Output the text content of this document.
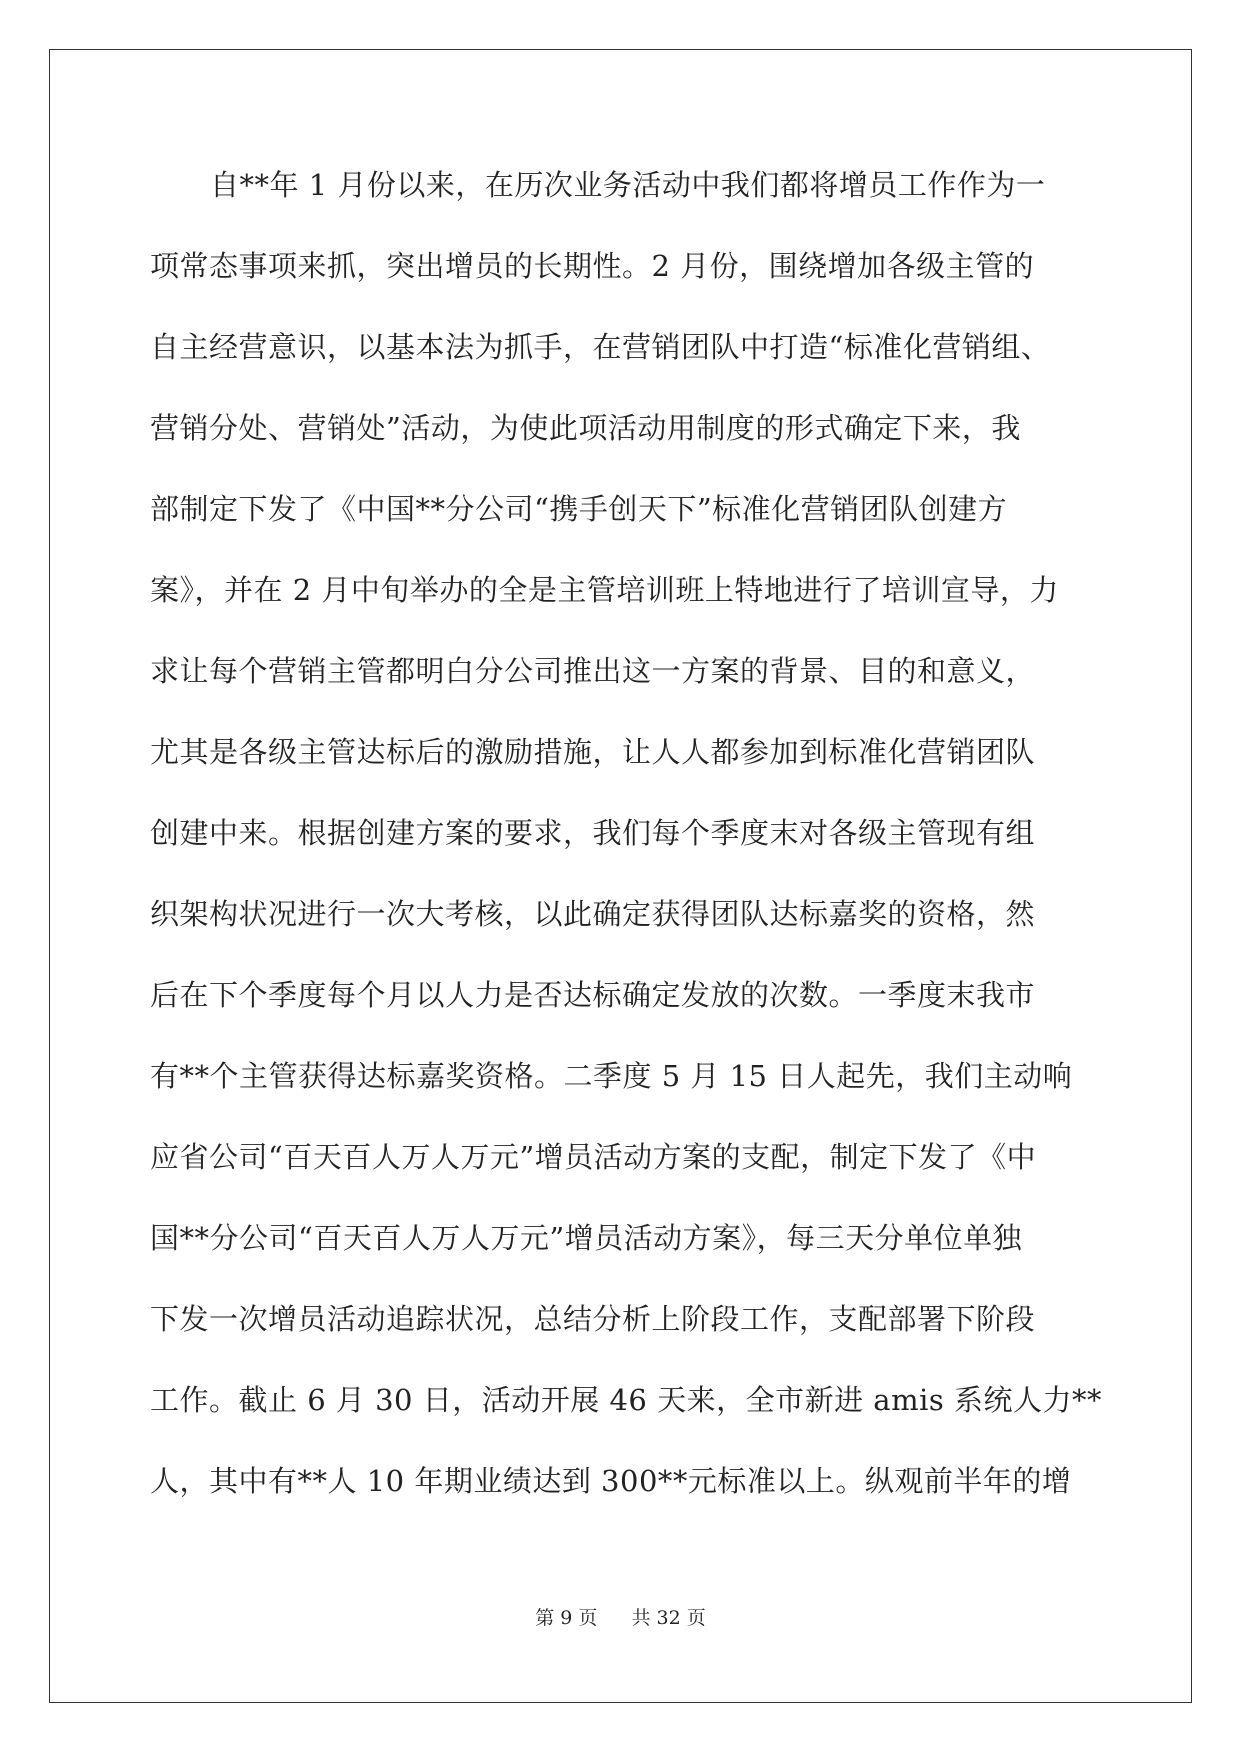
自**年 1 月份以来，在历次业务活动中我们都将增员工作作为一
项常态事项来抓，突出增员的长期性。2 月份，围绕增加各级主管的
自主经营意识，以基本法为抓手，在营销团队中打造“标准化营销组、
营销分处、营销处”活动，为使此项活动用制度的形式确定下来，我
部制定下发了《中国**分公司“携手创天下”标准化营销团队创建方
案》，并在 2 月中旬举办的全是主管培训班上特地进行了培训宣导，力
求让每个营销主管都明白分公司推出这一方案的背景、目的和意义，
尤其是各级主管达标后的激励措施，让人人都参加到标准化营销团队
创建中来。根据创建方案的要求，我们每个季度末对各级主管现有组
织架构状况进行一次大考核，以此确定获得团队达标嘉奖的资格，然
后在下个季度每个月以人力是否达标确定发放的次数。一季度末我市
有**个主管获得达标嘉奖资格。二季度 5 月 15 日人起先，我们主动响
应省公司“百天百人万人万元”增员活动方案的支配，制定下发了《中
国**分公司“百天百人万人万元”增员活动方案》，每三天分单位单独
下发一次增员活动追踪状况，总结分析上阶段工作，支配部署下阶段
工作。截止 6 月 30 日，活动开展 46 天来，全市新进 amis 系统人力**
人，其中有**人 10 年期业绩达到 300**元标准以上。纵观前半年的增
第 9 页 共 32 页
